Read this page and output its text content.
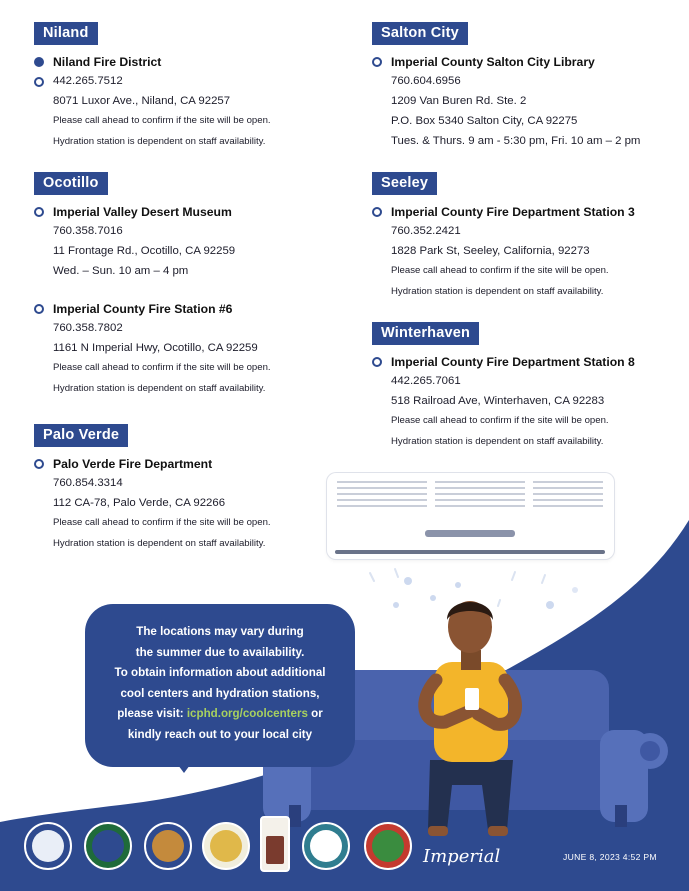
Niland
Niland Fire District
442.265.7512
8071 Luxor Ave., Niland, CA 92257
Please call ahead to confirm if the site will be open.
Hydration station is dependent on staff availability.
Ocotillo
Imperial Valley Desert Museum
760.358.7016
11 Frontage Rd., Ocotillo, CA 92259
Wed. – Sun. 10 am – 4 pm
Imperial County Fire Station #6
760.358.7802
1161 N Imperial Hwy, Ocotillo, CA 92259
Please call ahead to confirm if the site will be open.
Hydration station is dependent on staff availability.
Palo Verde
Palo Verde Fire Department
760.854.3314
112 CA-78, Palo Verde, CA 92266
Please call ahead to confirm if the site will be open.
Hydration station is dependent on staff availability.
Salton City
Imperial County Salton City Library
760.604.6956
1209 Van Buren Rd. Ste. 2
P.O. Box 5340 Salton City, CA 92275
Tues. & Thurs. 9 am - 5:30 pm, Fri. 10 am – 2 pm
Seeley
Imperial County Fire Department Station 3
760.352.2421
1828 Park St, Seeley, California, 92273
Please call ahead to confirm if the site will be open.
Hydration station is dependent on staff availability.
Winterhaven
Imperial County Fire Department Station 8
442.265.7061
518 Railroad Ave, Winterhaven, CA 92283
Please call ahead to confirm if the site will be open.
Hydration station is dependent on staff availability.
The locations may vary during
the summer due to availability.
To obtain information about additional
cool centers and hydration stations,
please visit: icphd.org/coolcenters or
kindly reach out to your local city
Imperial	JUNE 8, 2023 4:52 PM
